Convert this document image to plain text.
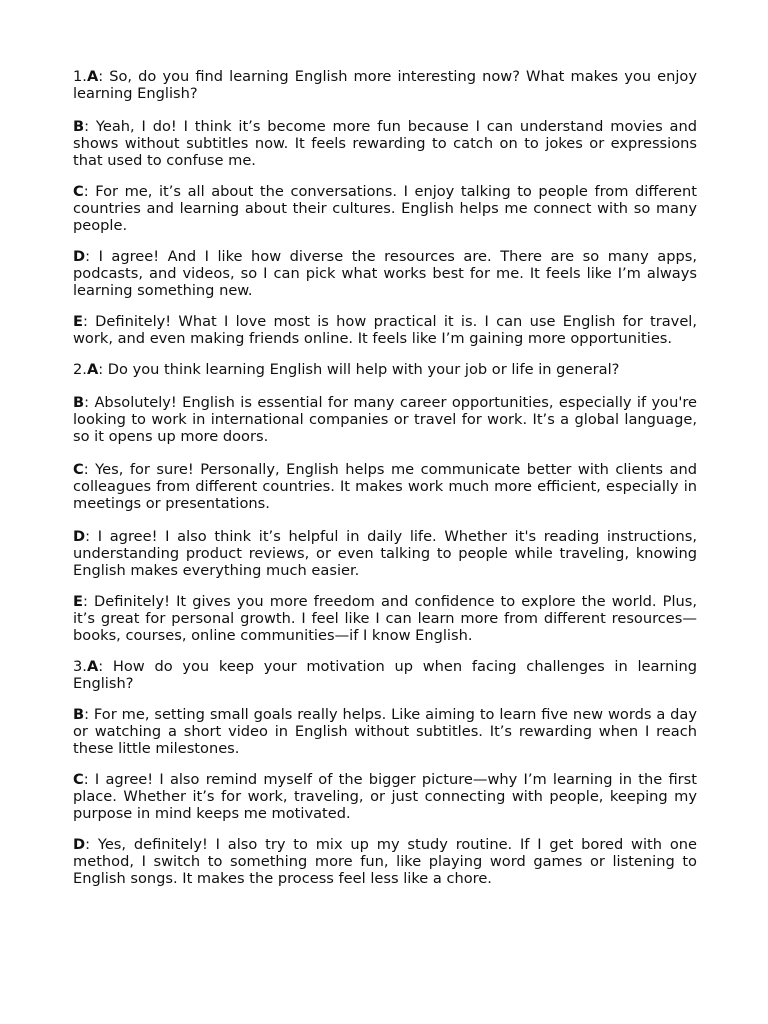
1.A: So, do you find learning English more interesting now? What makes you enjoy learning English?

B: Yeah, I do! I think it’s become more fun because I can understand movies and shows without subtitles now. It feels rewarding to catch on to jokes or expressions that used to confuse me.

C: For me, it’s all about the conversations. I enjoy talking to people from different countries and learning about their cultures. English helps me connect with so many people.

D: I agree! And I like how diverse the resources are. There are so many apps, podcasts, and videos, so I can pick what works best for me. It feels like I’m always learning something new.

E: Definitely! What I love most is how practical it is. I can use English for travel, work, and even making friends online. It feels like I’m gaining more opportunities.

2.A: Do you think learning English will help with your job or life in general?

B: Absolutely! English is essential for many career opportunities, especially if you're looking to work in international companies or travel for work. It’s a global language, so it opens up more doors.

C: Yes, for sure! Personally, English helps me communicate better with clients and colleagues from different countries. It makes work much more efficient, especially in meetings or presentations.

D: I agree! I also think it’s helpful in daily life. Whether it's reading instructions, understanding product reviews, or even talking to people while traveling, knowing English makes everything much easier.

E: Definitely! It gives you more freedom and confidence to explore the world. Plus, it’s great for personal growth. I feel like I can learn more from different resources—books, courses, online communities—if I know English.

3.A: How do you keep your motivation up when facing challenges in learning English?

B: For me, setting small goals really helps. Like aiming to learn five new words a day or watching a short video in English without subtitles. It’s rewarding when I reach these little milestones.

C: I agree! I also remind myself of the bigger picture—why I’m learning in the first place. Whether it’s for work, traveling, or just connecting with people, keeping my purpose in mind keeps me motivated.

D: Yes, definitely! I also try to mix up my study routine. If I get bored with one method, I switch to something more fun, like playing word games or listening to English songs. It makes the process feel less like a chore.
